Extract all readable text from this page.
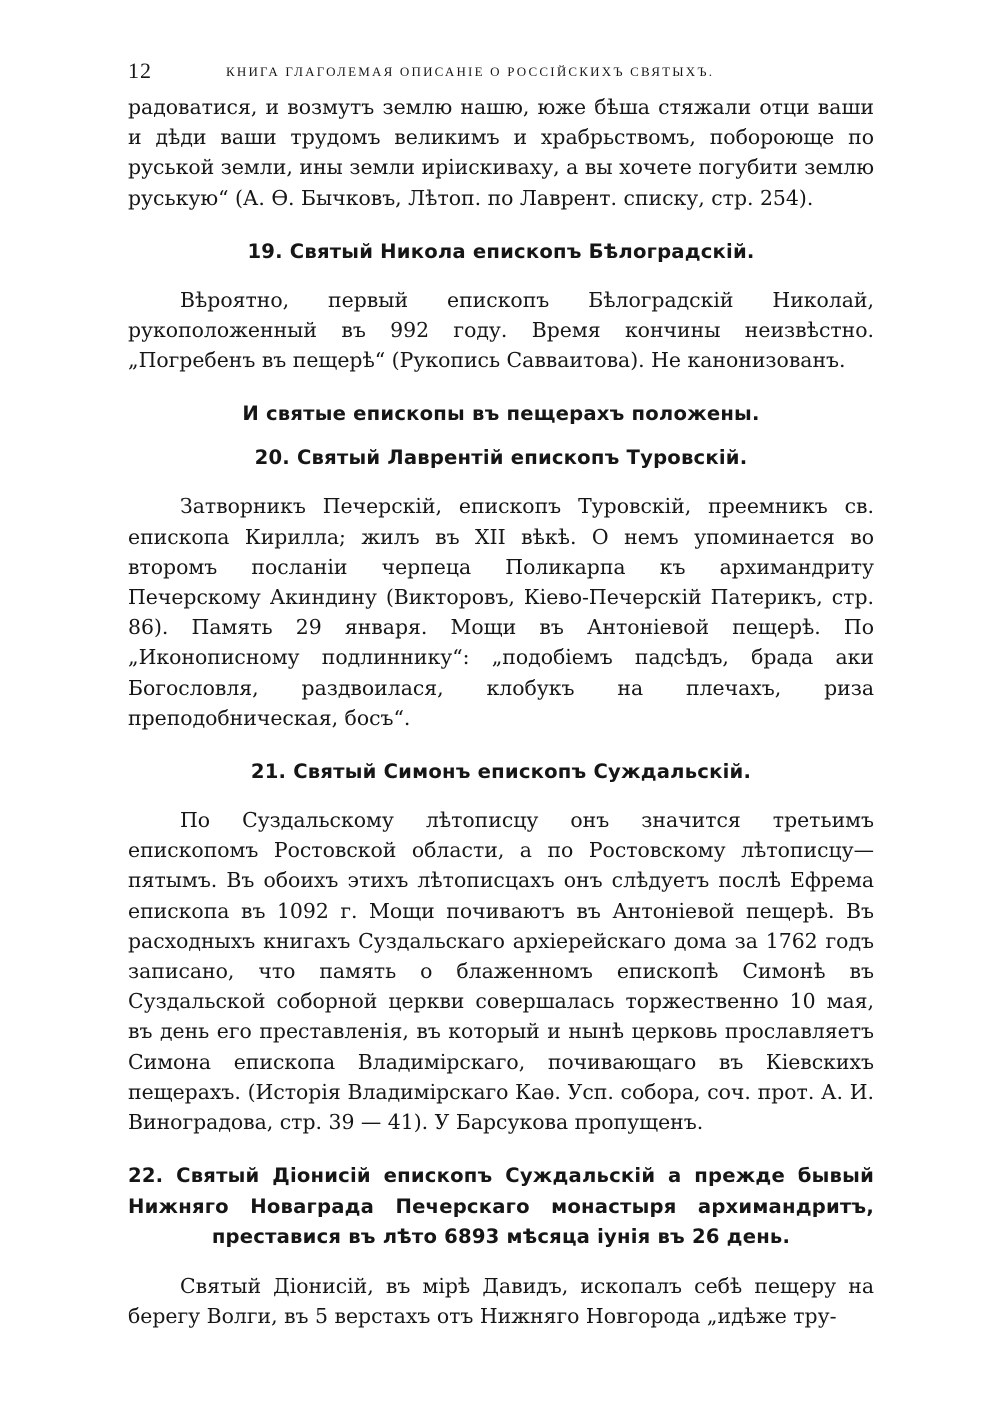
12	КНИГА ГЛАГОЛЕМАЯ ОПИСАНІЕ О РОССІЙСКИХЪ СВЯТЫХЪ.

радоватися, и возмутъ землю нашю, юже бѣша стяжали отци ваши и дѣди ваши трудомъ великимъ и храбрьствомъ, побороюще по руськой земли, ины земли иріискиваху, а вы хочете погубити землю руськую“ (А. Ѳ. Бычковъ, Лѣтоп. по Лаврент. списку, стр. 254).

19. Святый Никола епископъ Бѣлоградскій.

Вѣроятно, первый епископъ Бѣлоградскій Николай, рукоположенный въ 992 году. Время кончины неизвѣстно. „Погребенъ въ пещерѣ“ (Рукопись Савваитова). Не канонизованъ.

И святые епископы въ пещерахъ положены.
20. Святый Лаврентій епископъ Туровскій.

Затворникъ Печерскій, епископъ Туровскій, преемникъ св. епископа Кирилла; жилъ въ XII вѣкѣ. О немъ упоминается во второмъ посланіи черпеца Поликарпа къ архимандриту Печерскому Акиндину (Викторовъ, Кіево-Печерскій Патерикъ, стр. 86). Память 29 января. Мощи въ Антоніевой пещерѣ. По „Иконописному подлиннику“: „подобіемъ падсѣдъ, брада аки Богословля, раздвоилася, клобукъ на плечахъ, риза преподобническая, босъ“.

21. Святый Симонъ епископъ Суждальскій.

По Суздальскому лѣтописцу онъ значится третьимъ епископомъ Ростовской области, а по Ростовскому лѣтописцу—пятымъ. Въ обоихъ этихъ лѣтописцахъ онъ слѣдуетъ послѣ Ефрема епископа въ 1092 г. Мощи почиваютъ въ Антоніевой пещерѣ. Въ расходныхъ книгахъ Суздальскаго архіерейскаго дома за 1762 годъ записано, что память о блаженномъ епископѣ Симонѣ въ Суздальской соборной церкви совершалась торжественно 10 мая, въ день его преставленія, въ который и нынѣ церковь прославляетъ Симона епископа Владимірскаго, почивающаго въ Кіевскихъ пещерахъ. (Исторія Владимірскаго Каѳ. Усп. собора, соч. прот. А. И. Виноградова, стр. 39 — 41). У Барсукова пропущенъ.

22. Святый Діонисій епископъ Суждальскій а прежде бывый Нижняго Новаграда Печерскаго монастыря архимандритъ, преставися въ лѣто 6893 мѣсяца іунія въ 26 день.

Святый Діонисій, въ мірѣ Давидъ, ископалъ себѣ пещеру на берегу Волги, въ 5 верстахъ отъ Нижняго Новгорода „идѣже тру-
